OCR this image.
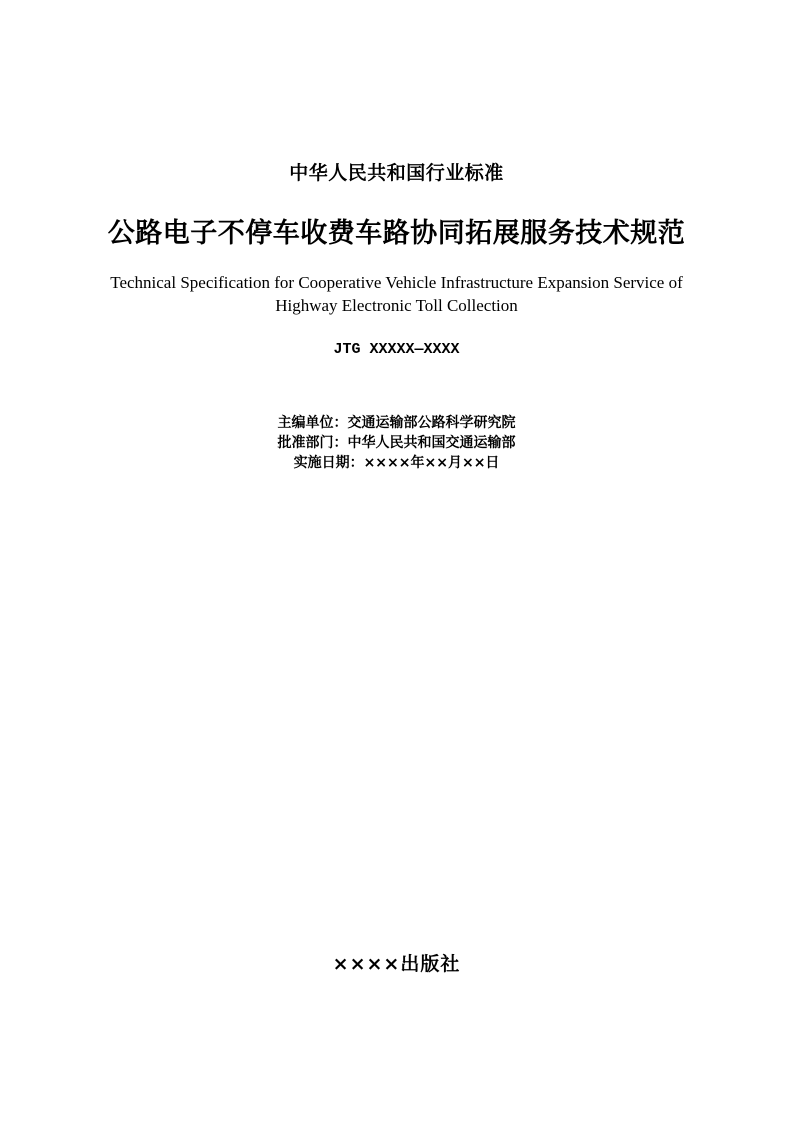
中华人民共和国行业标准
公路电子不停车收费车路协同拓展服务技术规范
Technical Specification for Cooperative Vehicle Infrastructure Expansion Service of
Highway Electronic Toll Collection
JTG XXXXX—XXXX
主编单位：交通运输部公路科学研究院
批准部门：中华人民共和国交通运输部
实施日期：××××年××月××日
××××出版社
